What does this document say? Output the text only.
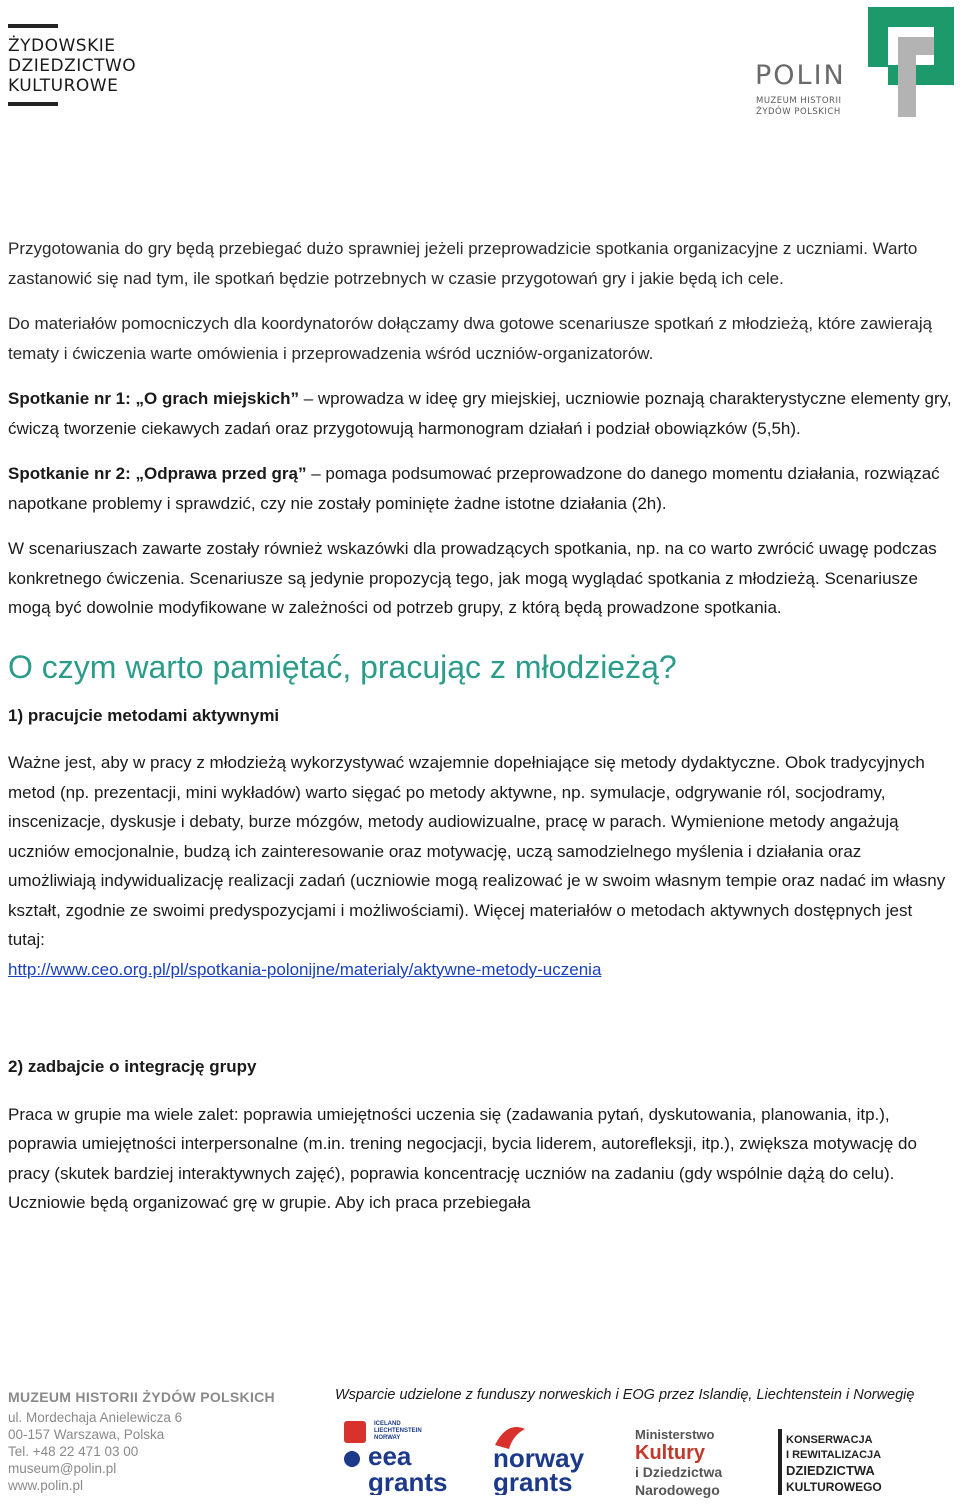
ŻYDOWSKIE
DZIEDZICTWO
KULTUROWE	POLIN
MUZEUM HISTORII
ŻYDÓW POLSKICH

Przygotowania do gry będą przebiegać dużo sprawniej jeżeli przeprowadzicie spotkania organizacyjne z uczniami. Warto zastanowić się nad tym, ile spotkań będzie potrzebnych w czasie przygotowań gry i jakie będą ich cele.

Do materiałów pomocniczych dla koordynatorów dołączamy dwa gotowe scenariusze spotkań z młodzieżą, które zawierają tematy i ćwiczenia warte omówienia i przeprowadzenia wśród uczniów-organizatorów.

Spotkanie nr 1: „O grach miejskich” – wprowadza w ideę gry miejskiej, uczniowie poznają charakterystyczne elementy gry, ćwiczą tworzenie ciekawych zadań oraz przygotowują harmonogram działań i podział obowiązków (5,5h).

Spotkanie nr 2: „Odprawa przed grą” – pomaga podsumować przeprowadzone do danego momentu działania, rozwiązać napotkane problemy i sprawdzić, czy nie zostały pominięte żadne istotne działania (2h).

W scenariuszach zawarte zostały również wskazówki dla prowadzących spotkania, np. na co warto zwrócić uwagę podczas konkretnego ćwiczenia. Scenariusze są jedynie propozycją tego, jak mogą wyglądać spotkania z młodzieżą. Scenariusze mogą być dowolnie modyfikowane w zależności od potrzeb grupy, z którą będą prowadzone spotkania.

O czym warto pamiętać, pracując z młodzieżą?

1) pracujcie metodami aktywnymi

Ważne jest, aby w pracy z młodzieżą wykorzystywać wzajemnie dopełniające się metody dydaktyczne. Obok tradycyjnych metod (np. prezentacji, mini wykładów) warto sięgać po metody aktywne, np. symulacje, odgrywanie ról, socjodramy, inscenizacje, dyskusje i debaty, burze mózgów, metody audiowizualne, pracę w parach. Wymienione metody angażują uczniów emocjonalnie, budzą ich zainteresowanie oraz motywację, uczą samodzielnego myślenia i działania oraz umożliwiają indywidualizację realizacji zadań (uczniowie mogą realizować je w swoim własnym tempie oraz nadać im własny kształt, zgodnie ze swoimi predyspozycjami i możliwościami). Więcej materiałów o metodach aktywnych dostępnych jest tutaj:

http://www.ceo.org.pl/pl/spotkania-polonijne/materialy/aktywne-metody-uczenia

2) zadbajcie o integrację grupy

Praca w grupie ma wiele zalet: poprawia umiejętności uczenia się (zadawania pytań, dyskutowania, planowania, itp.), poprawia umiejętności interpersonalne (m.in. trening negocjacji, bycia liderem, autorefleksji, itp.), zwiększa motywację do pracy (skutek bardziej interaktywnych zajęć), poprawia koncentrację uczniów na zadaniu (gdy wspólnie dążą do celu). Uczniowie będą organizować grę w grupie. Aby ich praca przebiegała

MUZEUM HISTORII ŻYDÓW POLSKICH
ul. Mordechaja Anielewicza 6
00-157 Warszawa, Polska
Tel. +48 22 471 03 00
museum@polin.pl
www.polin.pl
Wsparcie udzielone z funduszy norweskich i EOG przez Islandię, Liechtenstein i Norwegię
ICELAND
LIECHTENSTEIN
NORWAY
eea
grants
norway
grants
Ministerstwo
Kultury
i Dziedzictwa
Narodowego
KONSERWACJA
I REWITALIZACJA
DZIEDZICTWA
KULTUROWEGO
